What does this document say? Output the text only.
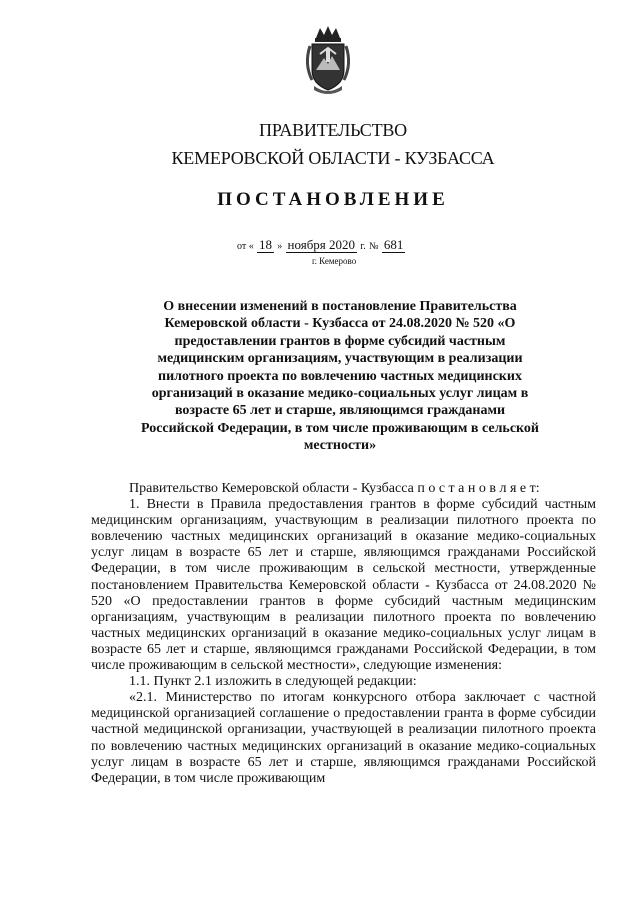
ПРАВИТЕЛЬСТВО
КЕМЕРОВСКОЙ ОБЛАСТИ - КУЗБАССА
ПОСТАНОВЛЕНИЕ
от « 18 » ноября 2020 г. № 681
г. Кемерово
О внесении изменений в постановление Правительства Кемеровской области - Кузбасса от 24.08.2020 № 520 «О предоставлении грантов в форме субсидий частным медицинским организациям, участвующим в реализации пилотного проекта по вовлечению частных медицинских организаций в оказание медико-социальных услуг лицам в возрасте 65 лет и старше, являющимся гражданами Российской Федерации, в том числе проживающим в сельской местности»

Правительство Кемеровской области - Кузбасса п о с т а н о в л я е т:

1. Внести в Правила предоставления грантов в форме субсидий частным медицинским организациям, участвующим в реализации пилотного проекта по вовлечению частных медицинских организаций в оказание медико-социальных услуг лицам в возрасте 65 лет и старше, являющимся гражданами Российской Федерации, в том числе проживающим в сельской местности, утвержденные постановлением Правительства Кемеровской области - Кузбасса от 24.08.2020 № 520 «О предоставлении грантов в форме субсидий частным медицинским организациям, участвующим в реализации пилотного проекта по вовлечению частных медицинских организаций в оказание медико-социальных услуг лицам в возрасте 65 лет и старше, являющимся гражданами Российской Федерации, в том числе проживающим в сельской местности», следующие изменения:

1.1. Пункт 2.1 изложить в следующей редакции:

«2.1. Министерство по итогам конкурсного отбора заключает с частной медицинской организацией соглашение о предоставлении гранта в форме субсидии частной медицинской организации, участвующей в реализации пилотного проекта по вовлечению частных медицинских организаций в оказание медико-социальных услуг лицам в возрасте 65 лет и старше, являющимся гражданами Российской Федерации, в том числе проживающим
